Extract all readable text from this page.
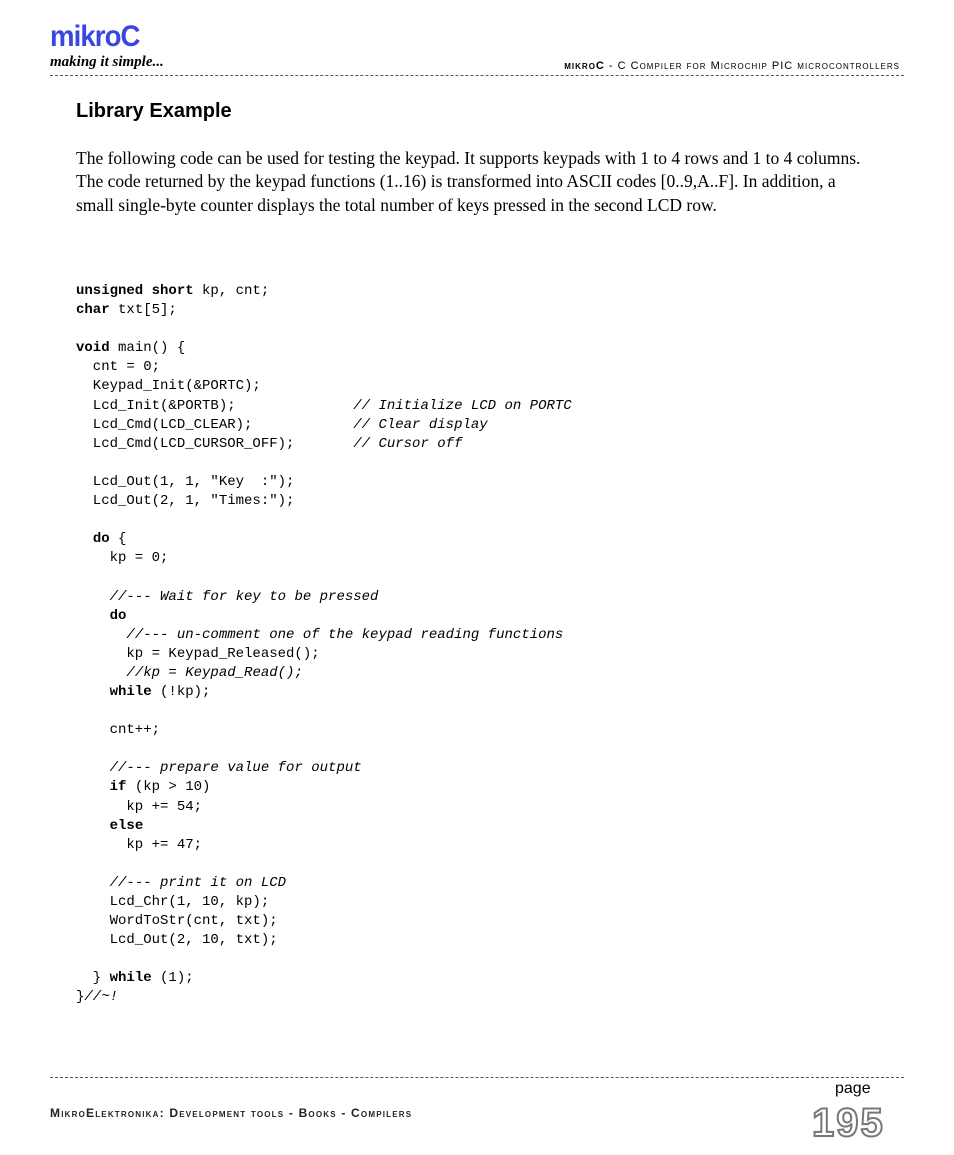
mikroC
making it simple...	mikroC - C Compiler for Microchip PIC microcontrollers
Library Example

The following code can be used for testing the keypad. It supports keypads with 1 to 4 rows and 1 to 4 columns. The code returned by the keypad functions (1..16) is transformed into ASCII codes [0..9,A..F]. In addition, a small single-byte counter displays the total number of keys pressed in the second LCD row.

unsigned short kp, cnt;
char txt[5];

void main() {
cnt = 0;
Keypad_Init(&PORTC);
Lcd_Init(&PORTB);              // Initialize LCD on PORTC
Lcd_Cmd(LCD_CLEAR);            // Clear display
Lcd_Cmd(LCD_CURSOR_OFF);       // Cursor off

Lcd_Out(1, 1, "Key  :");
Lcd_Out(2, 1, "Times:");

do {
kp = 0;

//--- Wait for key to be pressed
do
//--- un-comment one of the keypad reading functions
kp = Keypad_Released();
//kp = Keypad_Read();
while (!kp);

cnt++;

//--- prepare value for output
if (kp > 10)
kp += 54;
else
kp += 47;

//--- print it on LCD
Lcd_Chr(1, 10, kp);
WordToStr(cnt, txt);
Lcd_Out(2, 10, txt);

} while (1);
}//~!
page
195
MikroElektronika: Development tools - Books - Compilers
